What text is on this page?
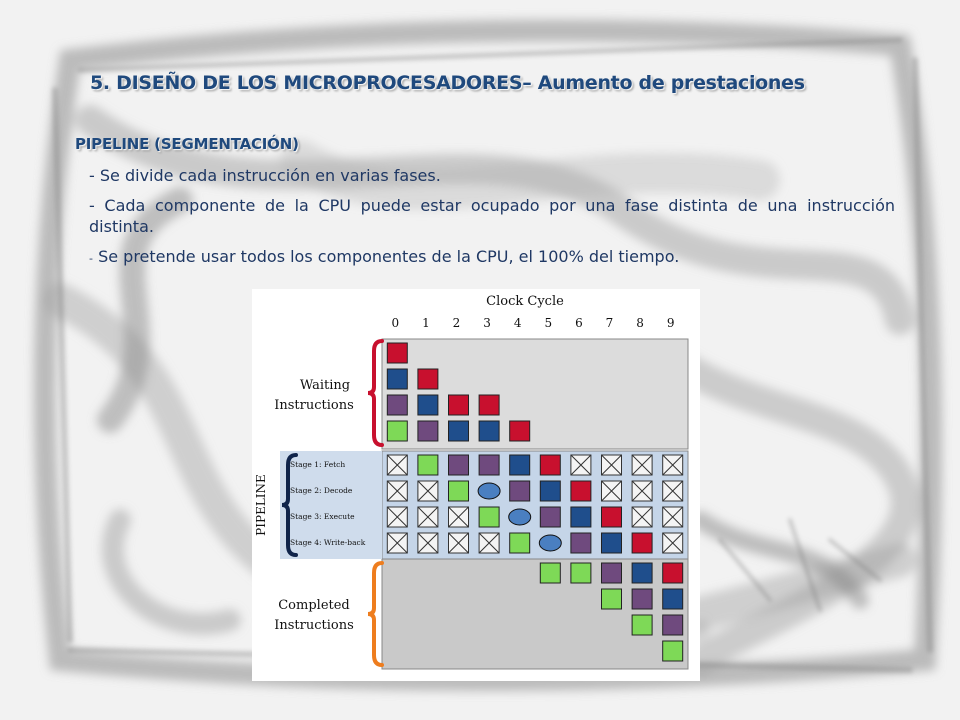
5. DISEÑO DE LOS MICROPROCESADORES– Aumento de prestaciones
PIPELINE (SEGMENTACIÓN)

- Se divide cada instrucción en varias fases.

- Cada componente de la CPU puede estar ocupado por una fase distinta de una instrucción distinta.

- Se pretende usar todos los componentes de la CPU, el 100% del tiempo.

Clock Cycle
0 1 2 3 4 5 6 7 8 9
Waiting
Instructions
Completed
Instructions
PIPELINE
Stage 1: Fetch
Stage 2: Decode
Stage 3: Execute
Stage 4: Write-back
